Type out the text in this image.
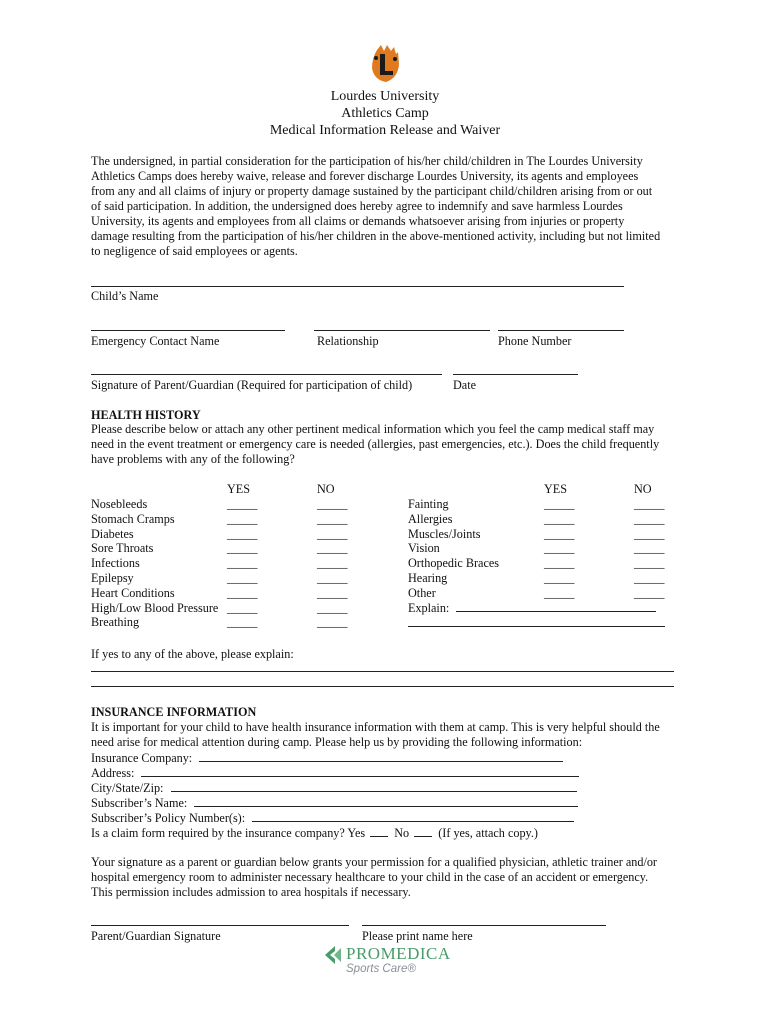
Lourdes University
Athletics Camp
Medical Information Release and Waiver
The undersigned, in partial consideration for the participation of his/her child/children in The Lourdes University
Athletics Camps does hereby waive, release and forever discharge Lourdes University, its agents and employees
from any and all claims of injury or property damage sustained by the participant child/children arising from or out
of said participation. In addition, the undersigned does hereby agree to indemnify and save harmless Lourdes
University, its agents and employees from all claims or demands whatsoever arising from injuries or property
damage resulting from the participation of his/her children in the above-mentioned activity, including but not limited
to negligence of said employees or agents.
Child’s Name
Emergency Contact Name	Relationship	Phone Number
Signature of Parent/Guardian (Required for participation of child)	Date
HEALTH HISTORY
Please describe below or attach any other pertinent medical information which you feel the camp medical staff may
need in the event treatment or emergency care is needed (allergies, past emergencies, etc.). Does the child frequently
have problems with any of the following?
YES	NO	YES	NO
Nosebleeds	_____	_____
Stomach Cramps	_____	_____
Diabetes	_____	_____
Sore Throats	_____	_____
Infections	_____	_____
Epilepsy	_____	_____
Heart Conditions	_____	_____
High/Low Blood Pressure _____	_____
Breathing	_____	_____
Fainting	_____	_____
Allergies	_____	_____
Muscles/Joints	_____	_____
Vision	_____	_____
Orthopedic Braces	_____	_____
Hearing	_____	_____
Other	_____	_____
Explain:
If yes to any of the above, please explain:
INSURANCE INFORMATION
It is important for your child to have health insurance information with them at camp. This is very helpful should the
need arise for medical attention during camp. Please help us by providing the following information:
Insurance Company:
Address:
City/State/Zip:
Subscriber’s Name:
Subscriber’s Policy Number(s):
Is a claim form required by the insurance company? Yes No (If yes, attach copy.)
Your signature as a parent or guardian below grants your permission for a qualified physician, athletic trainer and/or
hospital emergency room to administer necessary healthcare to your child in the case of an accident or emergency.
This permission includes admission to area hospitals if necessary.
Parent/Guardian Signature	Please print name here
PROMEDICA
Sports Care®
